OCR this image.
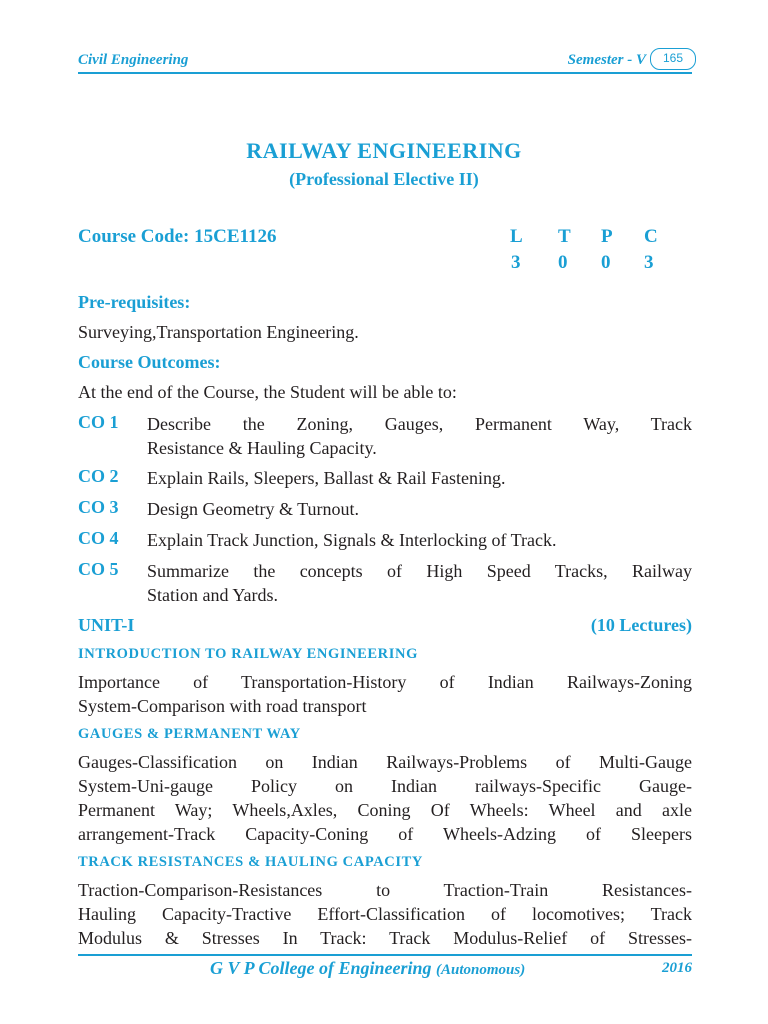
Civil Engineering	Semester - V	165
RAILWAY ENGINEERING
(Professional Elective II)
Course Code: 15CE1126	L	T	P	C
3	0	0	3
Pre-requisites:
Surveying,Transportation Engineering.
Course Outcomes:
At the end of the Course, the Student will be able to:
CO 1 Describe the Zoning, Gauges, Permanent Way, Track
Resistance & Hauling Capacity.
CO 2 Explain Rails, Sleepers, Ballast & Rail Fastening.
CO 3 Design Geometry & Turnout.
CO 4 Explain Track Junction, Signals & Interlocking of Track.
CO 5 Summarize the concepts of High Speed Tracks, Railway
Station and Yards.
UNIT-I	(10 Lectures)
INTRODUCTION TO RAILWAY ENGINEERING
Importance of Transportation-History of Indian Railways-Zoning
System-Comparison with road transport
GAUGES & PERMANENT WAY
Gauges-Classification on Indian Railways-Problems of Multi-Gauge
System-Uni-gauge Policy on Indian railways-Specific Gauge-
Permanent Way; Wheels,Axles, Coning Of Wheels: Wheel and axle
arrangement-Track Capacity-Coning of Wheels-Adzing of Sleepers
TRACK RESISTANCES & HAULING CAPACITY
Traction-Comparison-Resistances to Traction-Train Resistances-
Hauling Capacity-Tractive Effort-Classification of locomotives; Track
Modulus & Stresses In Track: Track Modulus-Relief of Stresses-
G V P College of Engineering (Autonomous)	2016
